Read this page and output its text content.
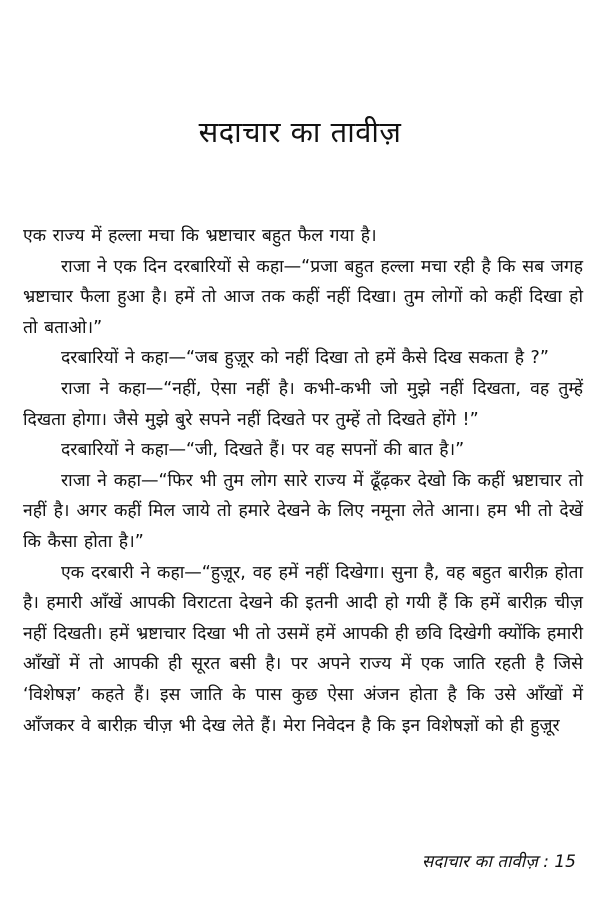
सदाचार का तावीज़

एक राज्य में हल्ला मचा कि भ्रष्टाचार बहुत फैल गया है।

राजा ने एक दिन दरबारियों से कहा—“प्रजा बहुत हल्ला मचा रही है कि सब जगह भ्रष्टाचार फैला हुआ है। हमें तो आज तक कहीं नहीं दिखा। तुम लोगों को कहीं दिखा हो तो बताओ।”

दरबारियों ने कहा—“जब हुज़ूर को नहीं दिखा तो हमें कैसे दिख सकता है ?”

राजा ने कहा—“नहीं, ऐसा नहीं है। कभी-कभी जो मुझे नहीं दिखता, वह तुम्हें दिखता होगा। जैसे मुझे बुरे सपने नहीं दिखते पर तुम्हें तो दिखते होंगे !”

दरबारियों ने कहा—“जी, दिखते हैं। पर वह सपनों की बात है।”

राजा ने कहा—“फिर भी तुम लोग सारे राज्य में ढूँढ़कर देखो कि कहीं भ्रष्टाचार तो नहीं है। अगर कहीं मिल जाये तो हमारे देखने के लिए नमूना लेते आना। हम भी तो देखें कि कैसा होता है।”

एक दरबारी ने कहा—“हुज़ूर, वह हमें नहीं दिखेगा। सुना है, वह बहुत बारीक़ होता है। हमारी आँखें आपकी विराटता देखने की इतनी आदी हो गयी हैं कि हमें बारीक़ चीज़ नहीं दिखती। हमें भ्रष्टाचार दिखा भी तो उसमें हमें आपकी ही छवि दिखेगी क्योंकि हमारी आँखों में तो आपकी ही सूरत बसी है। पर अपने राज्य में एक जाति रहती है जिसे ‘विशेषज्ञ’ कहते हैं। इस जाति के पास कुछ ऐसा अंजन होता है कि उसे आँखों में आँजकर वे बारीक़ चीज़ भी देख लेते हैं। मेरा निवेदन है कि इन विशेषज्ञों को ही हुज़ूर

सदाचार का तावीज़ : 15
